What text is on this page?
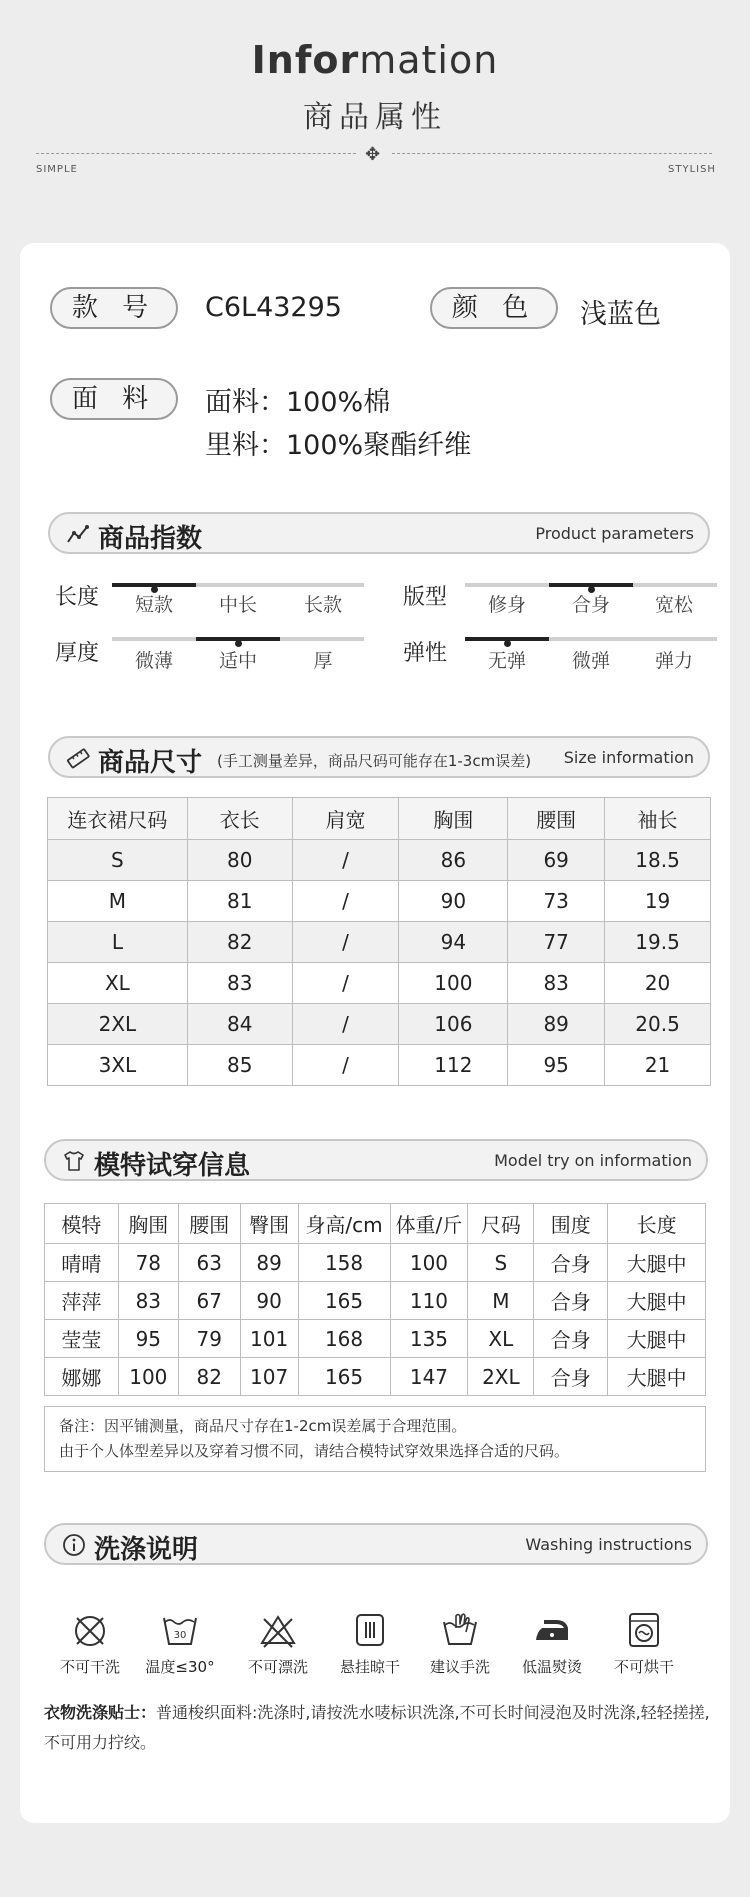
Information
商品属性
✥
SIMPLE	STYLISH
款 号	C6L43295	颜 色	浅蓝色
面 料	面料：100%棉
里料：100%聚酯纤维
商品指数	Product parameters
长度	短款	中长	长款	版型	修身	合身	宽松
厚度	微薄	适中	厚	弹性	无弹	微弹	弹力
商品尺寸 (手工测量差异，商品尺码可能存在1-3cm误差) Size information
连衣裙尺码	衣长	肩宽	胸围	腰围	袖长
S	80	/	86	69	18.5
M	81	/	90	73	19
L	82	/	94	77	19.5
XL	83	/	100	83	20
2XL	84	/	106	89	20.5
3XL	85	/	112	95	21
模特试穿信息	Model try on information
模特	胸围	腰围	臀围	身高/cm	体重/斤	尺码	围度	长度
晴晴	78	63	89	158	100	S	合身	大腿中
萍萍	83	67	90	165	110	M	合身	大腿中
莹莹	95	79	101	168	135	XL	合身	大腿中
娜娜	100	82	107	165	147	2XL	合身	大腿中
备注：因平铺测量，商品尺寸存在1-2cm误差属于合理范围。
由于个人体型差异以及穿着习惯不同，请结合模特试穿效果选择合适的尺码。
洗涤说明	Washing instructions
不可干洗
30
温度≤30°	不可漂洗	悬挂晾干	建议手洗	低温熨烫	不可烘干
衣物洗涤贴士：普通梭织面料:洗涤时,请按洗水唛标识洗涤,不可长时间浸泡及时洗涤,轻轻搓搓,不可用力拧绞。
